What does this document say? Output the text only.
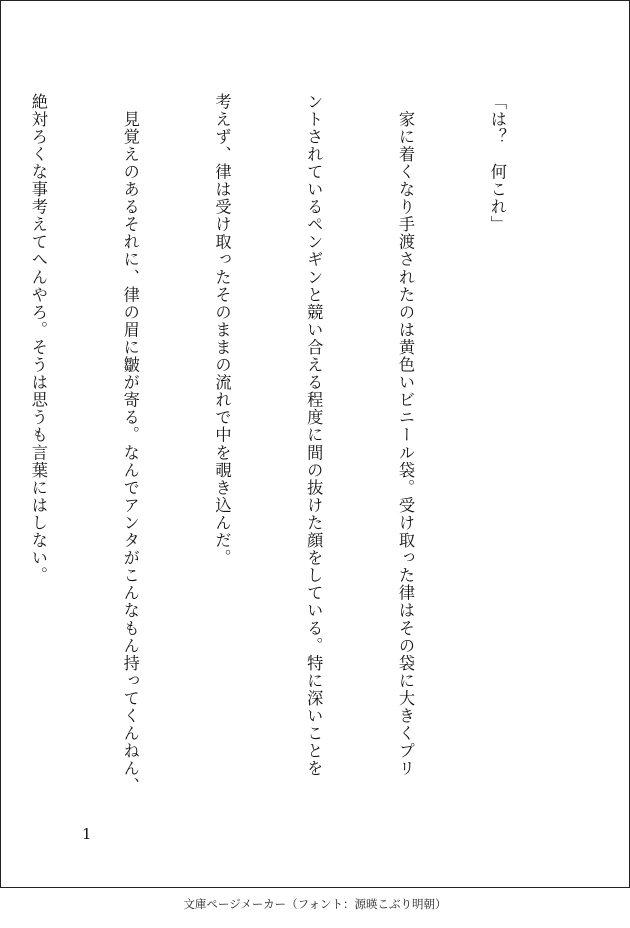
「は？　何これ」

　家に着くなり手渡されたのは黄色いビニール袋。受け取った律はその袋に大きくプリ

ントされているペンギンと競い合える程度に間の抜けた顔をしている。特に深いことを

考えず、律は受け取ったそのままの流れで中を覗き込んだ。

　見覚えのあるそれに、律の眉に皺が寄る。なんでアンタがこんなもん持ってくんねん、

絶対ろくな事考えてへんやろ。そうは思うも言葉にはしない。

1
文庫ページメーカー（フォント：源暎こぶり明朝）
